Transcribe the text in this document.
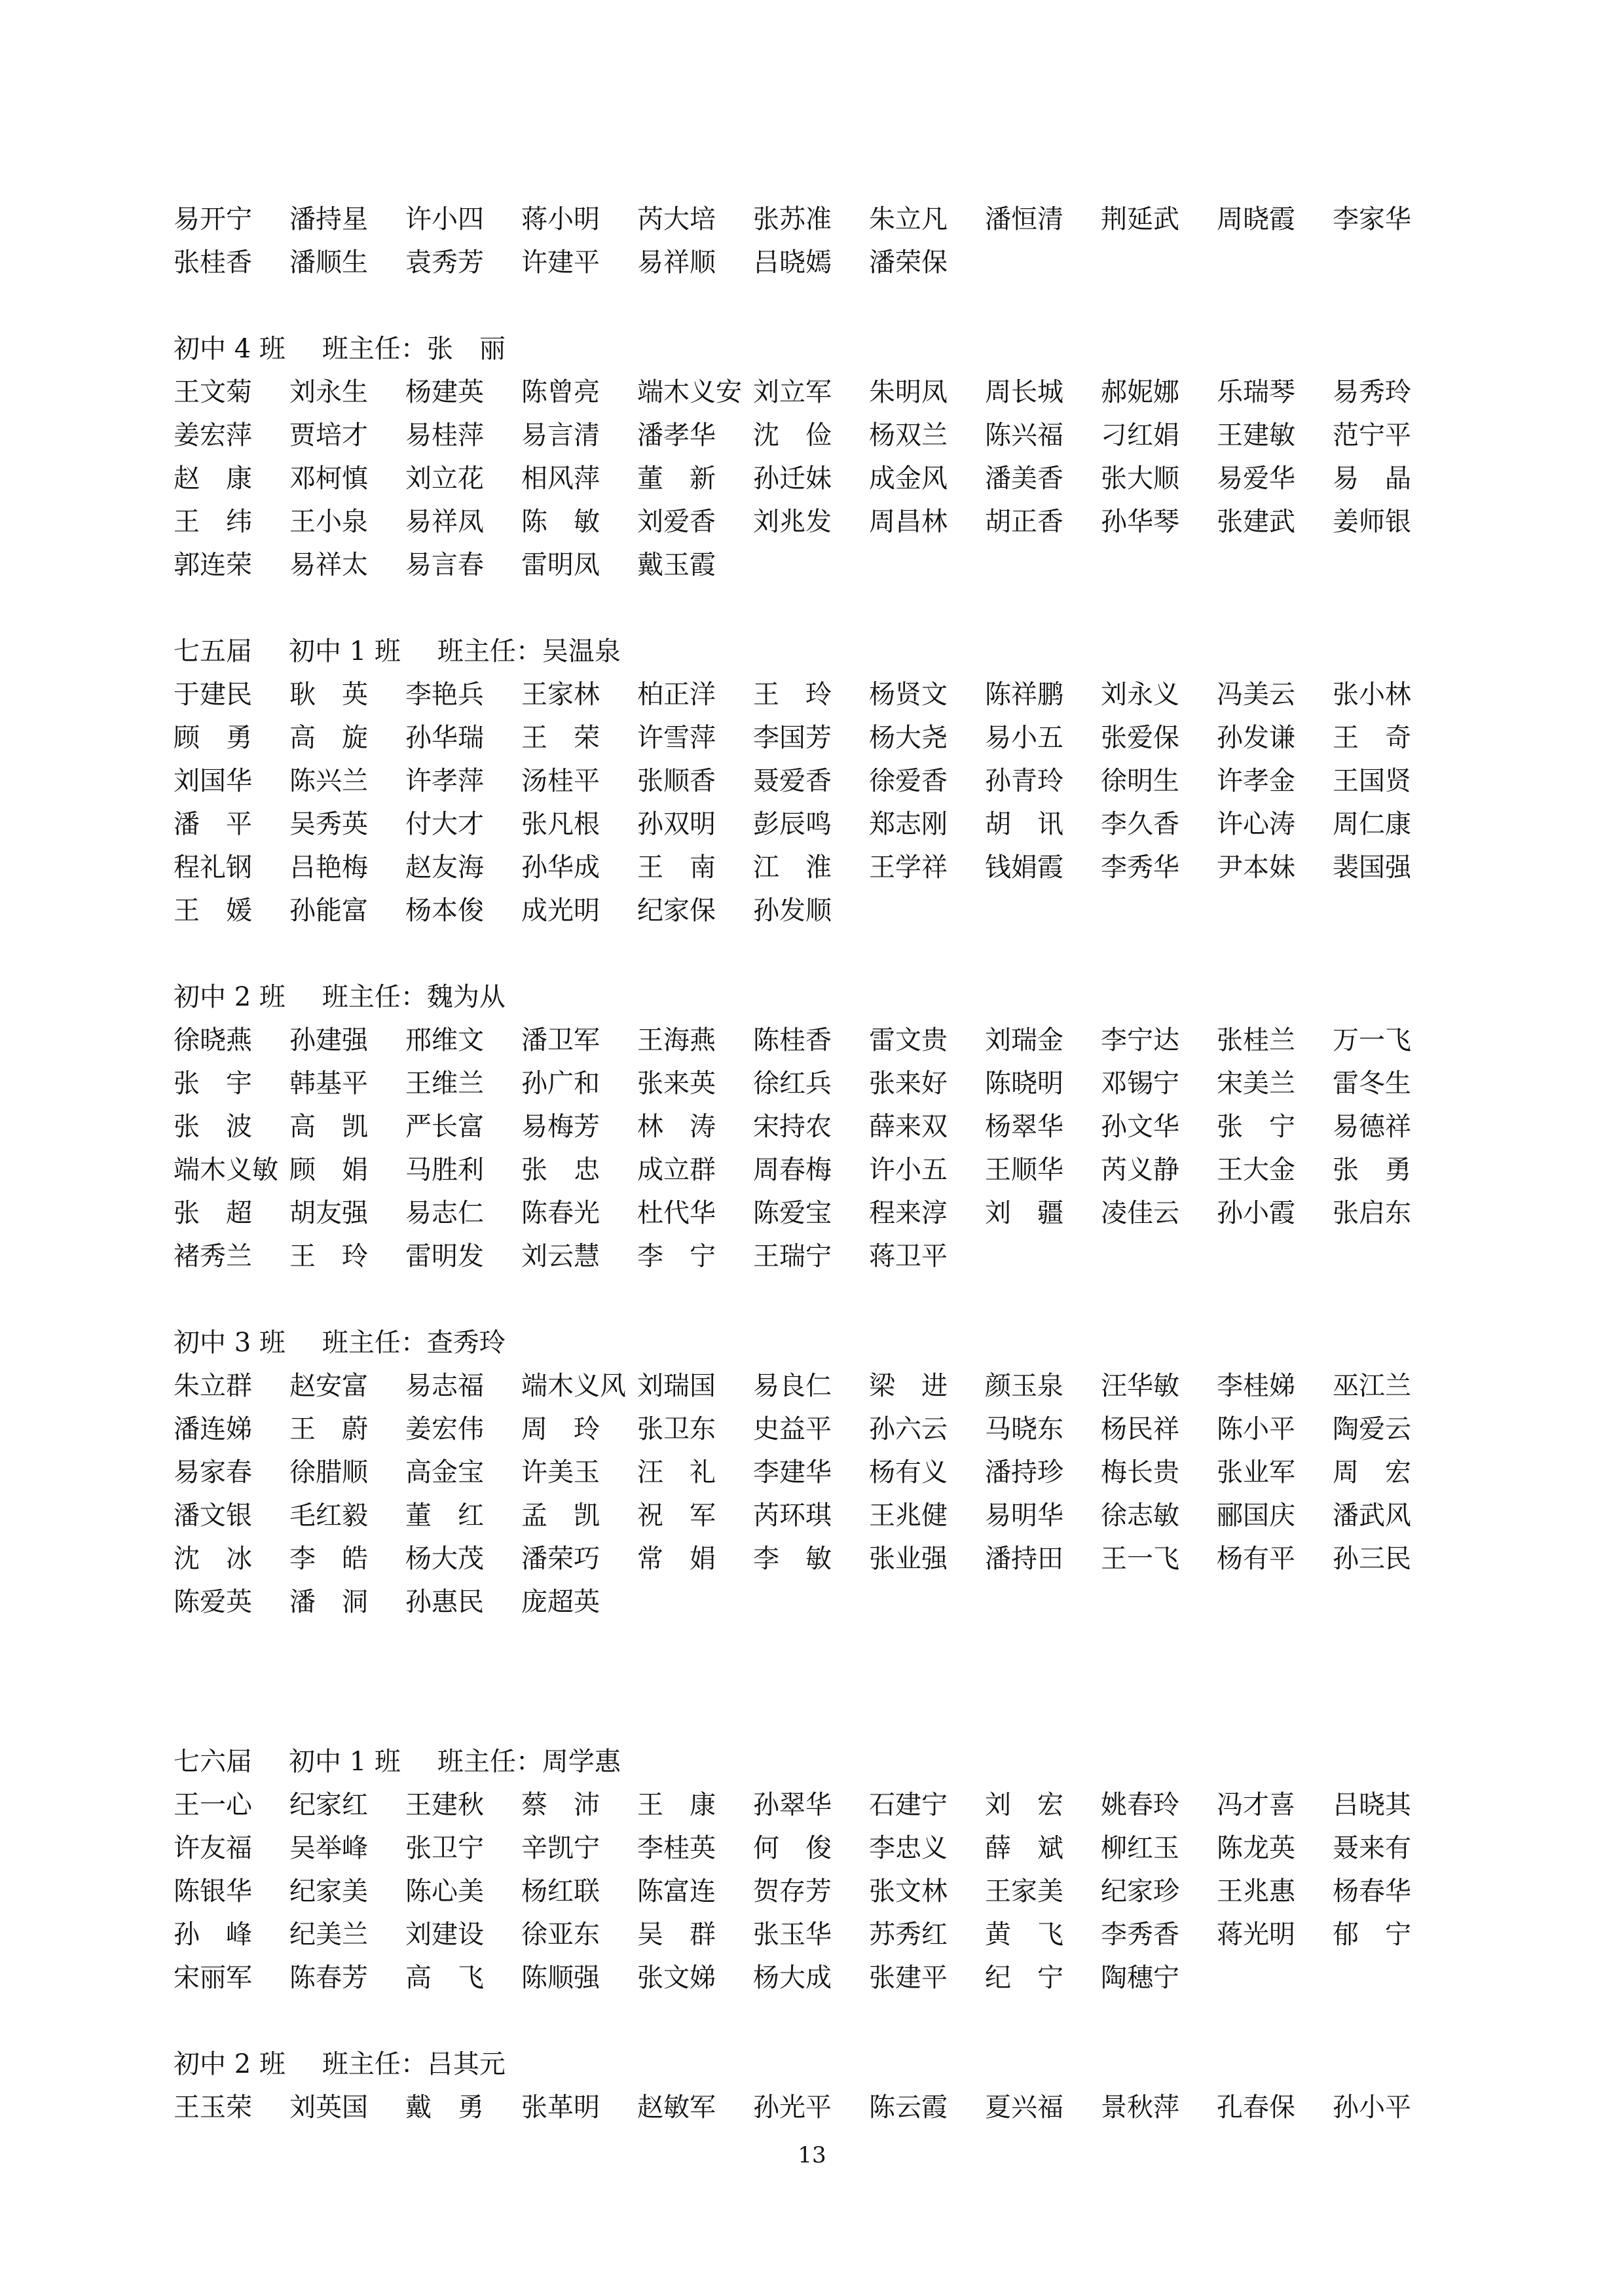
易开宁 潘持星 许小四 蒋小明 芮大培 张苏准 朱立凡 潘恒清 荆延武 周晓霞 李家华
张桂香 潘顺生 袁秀芳 许建平 易祥顺 吕晓嫣 潘荣保
初中 4 班 班主任：张　丽
王文菊 刘永生 杨建英 陈曾亮 端木义安 刘立军 朱明凤 周长城 郝妮娜 乐瑞琴 易秀玲
姜宏萍 贾培才 易桂萍 易言清 潘孝华 沈　俭 杨双兰 陈兴福 刁红娟 王建敏 范宁平
赵　康 邓柯慎 刘立花 相风萍 董　新 孙迁妹 成金风 潘美香 张大顺 易爱华 易　晶
王　纬 王小泉 易祥凤 陈　敏 刘爱香 刘兆发 周昌林 胡正香 孙华琴 张建武 姜师银
郭连荣 易祥太 易言春 雷明凤 戴玉霞
七五届 初中 1 班 班主任：吴温泉
于建民 耿　英 李艳兵 王家林 柏正洋 王　玲 杨贤文 陈祥鹏 刘永义 冯美云 张小林
顾　勇 高　旋 孙华瑞 王　荣 许雪萍 李国芳 杨大尧 易小五 张爱保 孙发谦 王　奇
刘国华 陈兴兰 许孝萍 汤桂平 张顺香 聂爱香 徐爱香 孙青玲 徐明生 许孝金 王国贤
潘　平 吴秀英 付大才 张凡根 孙双明 彭辰鸣 郑志刚 胡　讯 李久香 许心涛 周仁康
程礼钢 吕艳梅 赵友海 孙华成 王　南 江　淮 王学祥 钱娟霞 李秀华 尹本妹 裴国强
王　媛 孙能富 杨本俊 成光明 纪家保 孙发顺
初中 2 班 班主任：魏为从
徐晓燕 孙建强 邢维文 潘卫军 王海燕 陈桂香 雷文贵 刘瑞金 李宁达 张桂兰 万一飞
张　宇 韩基平 王维兰 孙广和 张来英 徐红兵 张来好 陈晓明 邓锡宁 宋美兰 雷冬生
张　波 高　凯 严长富 易梅芳 林　涛 宋持农 薛来双 杨翠华 孙文华 张　宁 易德祥
端木义敏 顾　娟 马胜利 张　忠 成立群 周春梅 许小五 王顺华 芮义静 王大金 张　勇
张　超 胡友强 易志仁 陈春光 杜代华 陈爱宝 程来淳 刘　疆 凌佳云 孙小霞 张启东
褚秀兰 王　玲 雷明发 刘云慧 李　宁 王瑞宁 蒋卫平
初中 3 班 班主任：查秀玲
朱立群 赵安富 易志福 端木义风 刘瑞国 易良仁 梁　进 颜玉泉 汪华敏 李桂娣 巫江兰
潘连娣 王　蔚 姜宏伟 周　玲 张卫东 史益平 孙六云 马晓东 杨民祥 陈小平 陶爱云
易家春 徐腊顺 高金宝 许美玉 汪　礼 李建华 杨有义 潘持珍 梅长贵 张业军 周　宏
潘文银 毛红毅 董　红 孟　凯 祝　军 芮环琪 王兆健 易明华 徐志敏 郦国庆 潘武风
沈　冰 李　皓 杨大茂 潘荣巧 常　娟 李　敏 张业强 潘持田 王一飞 杨有平 孙三民
陈爱英 潘　洞 孙惠民 庞超英
七六届 初中 1 班 班主任：周学惠
王一心 纪家红 王建秋 蔡　沛 王　康 孙翠华 石建宁 刘　宏 姚春玲 冯才喜 吕晓其
许友福 吴举峰 张卫宁 辛凯宁 李桂英 何　俊 李忠义 薛　斌 柳红玉 陈龙英 聂来有
陈银华 纪家美 陈心美 杨红联 陈富连 贺存芳 张文林 王家美 纪家珍 王兆惠 杨春华
孙　峰 纪美兰 刘建设 徐亚东 吴　群 张玉华 苏秀红 黄　飞 李秀香 蒋光明 郁　宁
宋丽军 陈春芳 高　飞 陈顺强 张文娣 杨大成 张建平 纪　宁 陶穗宁
初中 2 班 班主任：吕其元
王玉荣 刘英国 戴　勇 张革明 赵敏军 孙光平 陈云霞 夏兴福 景秋萍 孔春保 孙小平
13
